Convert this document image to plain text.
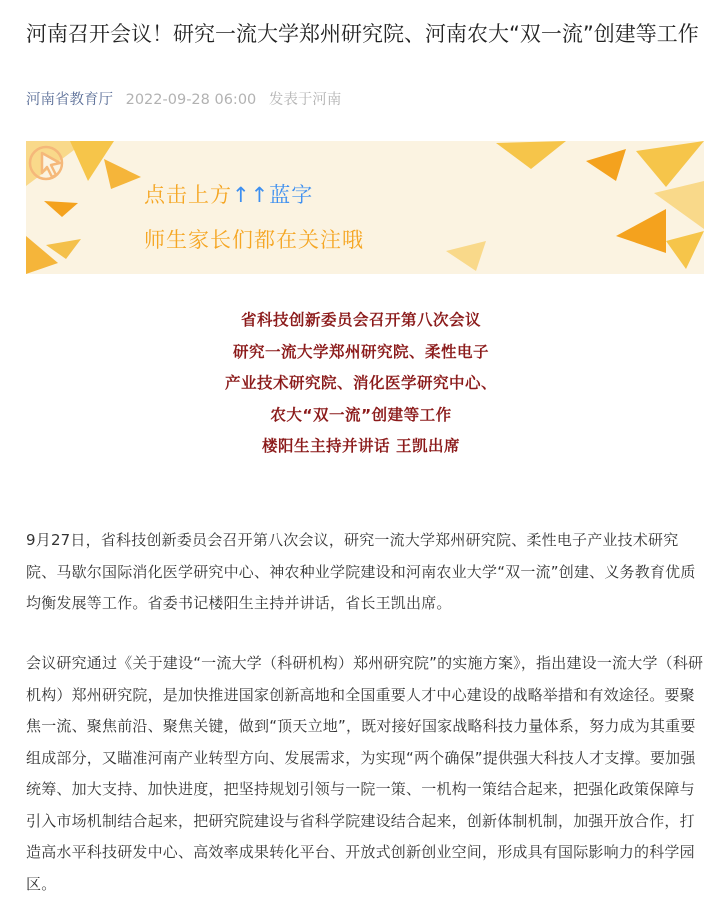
河南召开会议！研究一流大学郑州研究院、河南农大“双一流”创建等工作
河南省教育厅 2022-09-28 06:00 发表于河南
点击上方↑↑蓝字
师生家长们都在关注哦
省科技创新委员会召开第八次会议
研究一流大学郑州研究院、柔性电子
产业技术研究院、消化医学研究中心、
农大“双一流”创建等工作
楼阳生主持并讲话 王凯出席

9月27日，省科技创新委员会召开第八次会议，研究一流大学郑州研究院、柔性电子产业技术研究院、马歇尔国际消化医学研究中心、神农种业学院建设和河南农业大学“双一流”创建、义务教育优质均衡发展等工作。省委书记楼阳生主持并讲话，省长王凯出席。

会议研究通过《关于建设“一流大学（科研机构）郑州研究院”的实施方案》，指出建设一流大学（科研机构）郑州研究院，是加快推进国家创新高地和全国重要人才中心建设的战略举措和有效途径。要聚焦一流、聚焦前沿、聚焦关键，做到“顶天立地”，既对接好国家战略科技力量体系，努力成为其重要组成部分，又瞄准河南产业转型方向、发展需求，为实现“两个确保”提供强大科技人才支撑。要加强统筹、加大支持、加快进度，把坚持规划引领与一院一策、一机构一策结合起来，把强化政策保障与引入市场机制结合起来，把研究院建设与省科学院建设结合起来，创新体制机制，加强开放合作，打造高水平科技研发中心、高效率成果转化平台、开放式创新创业空间，形成具有国际影响力的科学园区。
